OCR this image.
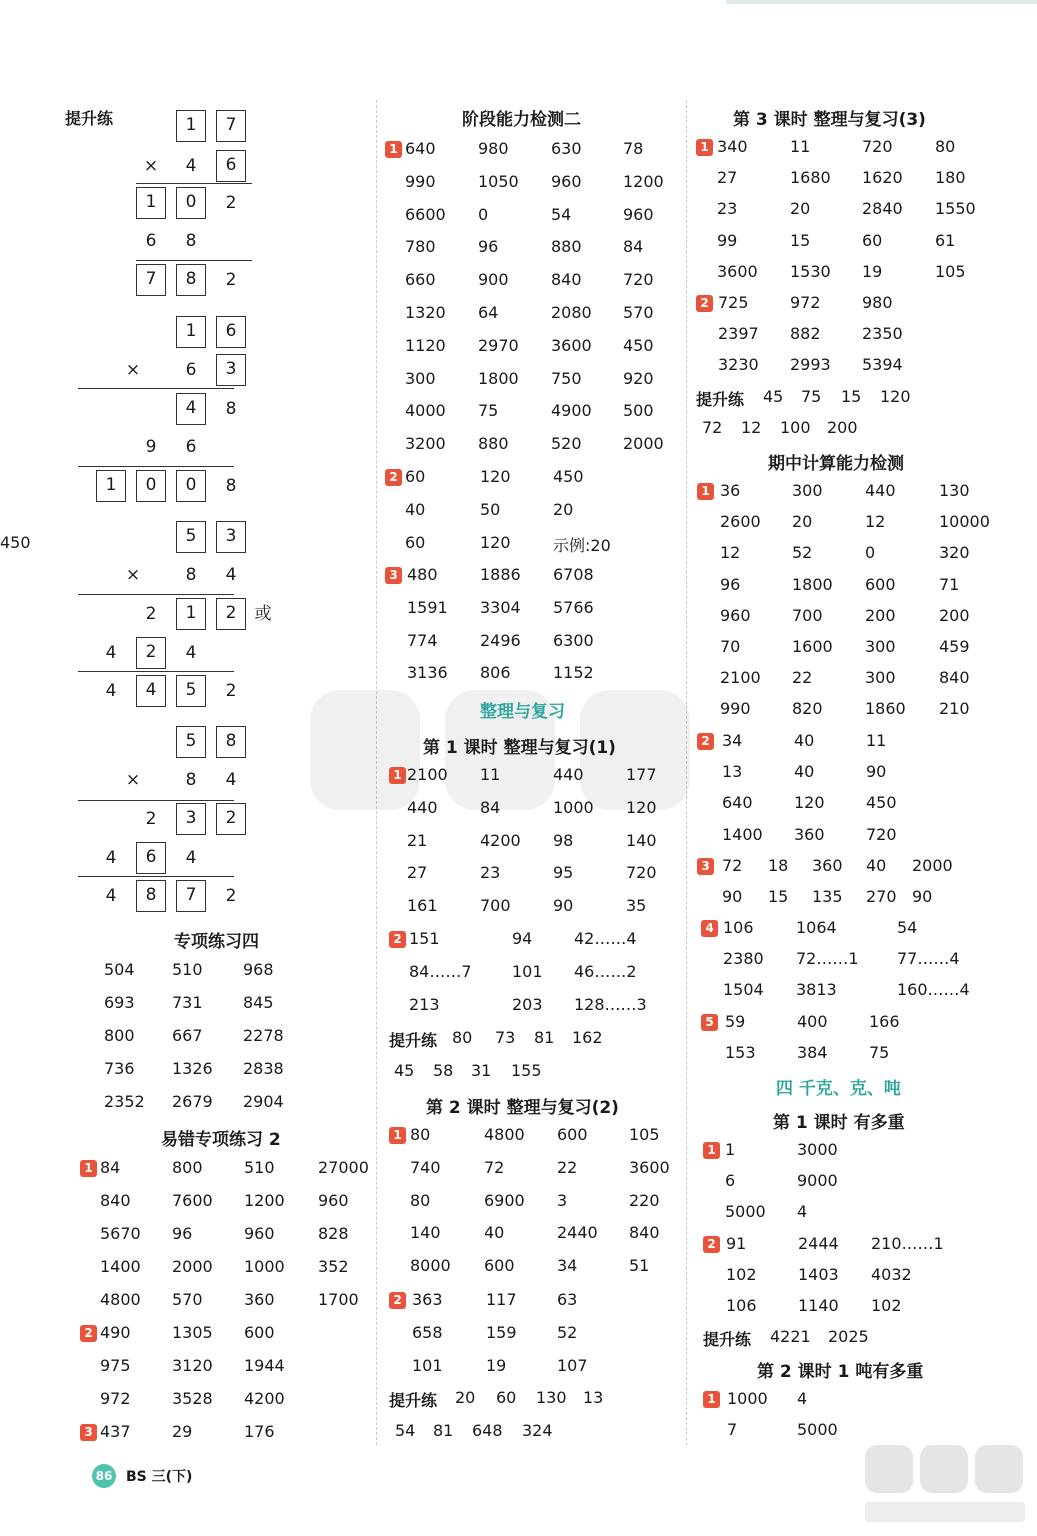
提升练	1	7
×	4	6
1	0	2
6	8
7	8	2
1	6
×	6	3
4	8
9	6
1	0	0	8
5	3
×	8	4
2	1	2	或
4	2	4
4	4	5	2
5	8
×	8	4
2	3	2
4	6	4
4	8	7	2
专项练习四
504 510	968
693 731	845
800 667	2278
736 1326 2838
2352 2679 2904
易错专项练习 2
1 84	800	510	27000
840	7600 1200 960
5670 96	960	828
1400 2000 1000 352
4800 570	360	1700
2 490	1305 600
975	3120 1944
972	3528 4200
3 437	29	176
阶段能力检测二
整理与复习
第 1 课时 整理与复习(1)
第 2 课时 整理与复习(2)
1 640	980	630	78
990	1050 960	1200
6600 0	54	960
780	96	880	84
660	900	840	720
1320 64	2080 570
1120 2970 3600 450
300	1800 750	920
4000 75	4900 500
3200 880	520	2000
2 60	120	450
40	50	20
60	120	示例:20
450
3 480	1886 6708
1591 3304 5766
774	2496 6300
3136 806	1152
1 2100 11	440	177
440	84	1000 120
21	4200 98	140
27	23	95	720
161	700	90	35
2 151	94	42……4
84……7	101 46……2
213	203 128……3
提升练 80 73 81 162
45 58 31 155
1 80	4800 600	105
740	72	22	3600
80	6900 3	220
140	40	2440 840
8000 600	34	51
2 363	117	63
658	159	52
101	19	107
提升练 20 60 130 13
54 81 648 324
第 3 课时 整理与复习(3)
期中计算能力检测
四 千克、克、吨
第 1 课时 有多重
第 2 课时 1 吨有多重
1 340	11	720	80
27	1680 1620 180
23	20	2840 1550
99	15	60	61
3600 1530 19	105
2 725	972	980
2397 882	2350
3230 2993 5394
提升练 45 75 15 120
72 12 100 200
1 36	300	440	130
2600 20	12	10000
12	52	0	320
96	1800 600	71
960	700	200	200
70	1600 300	459
2100 22	300	840
990	820	1860 210
2 34	40	11
13	40	90
640	120	450
1400 360	720
3 72 18 360 40 2000
90 15 135 270 90
4 106	1064	54
2380 72……1 77……4
1504 3813	160……4
5 59	400	166
153	384	75
1 1	3000
6	9000
5000 4
2 91	2444 210……1
102	1403 4032
106	1140 102
提升练 4221 2025
1 1000 4
7	5000
86 BS 三(下)
